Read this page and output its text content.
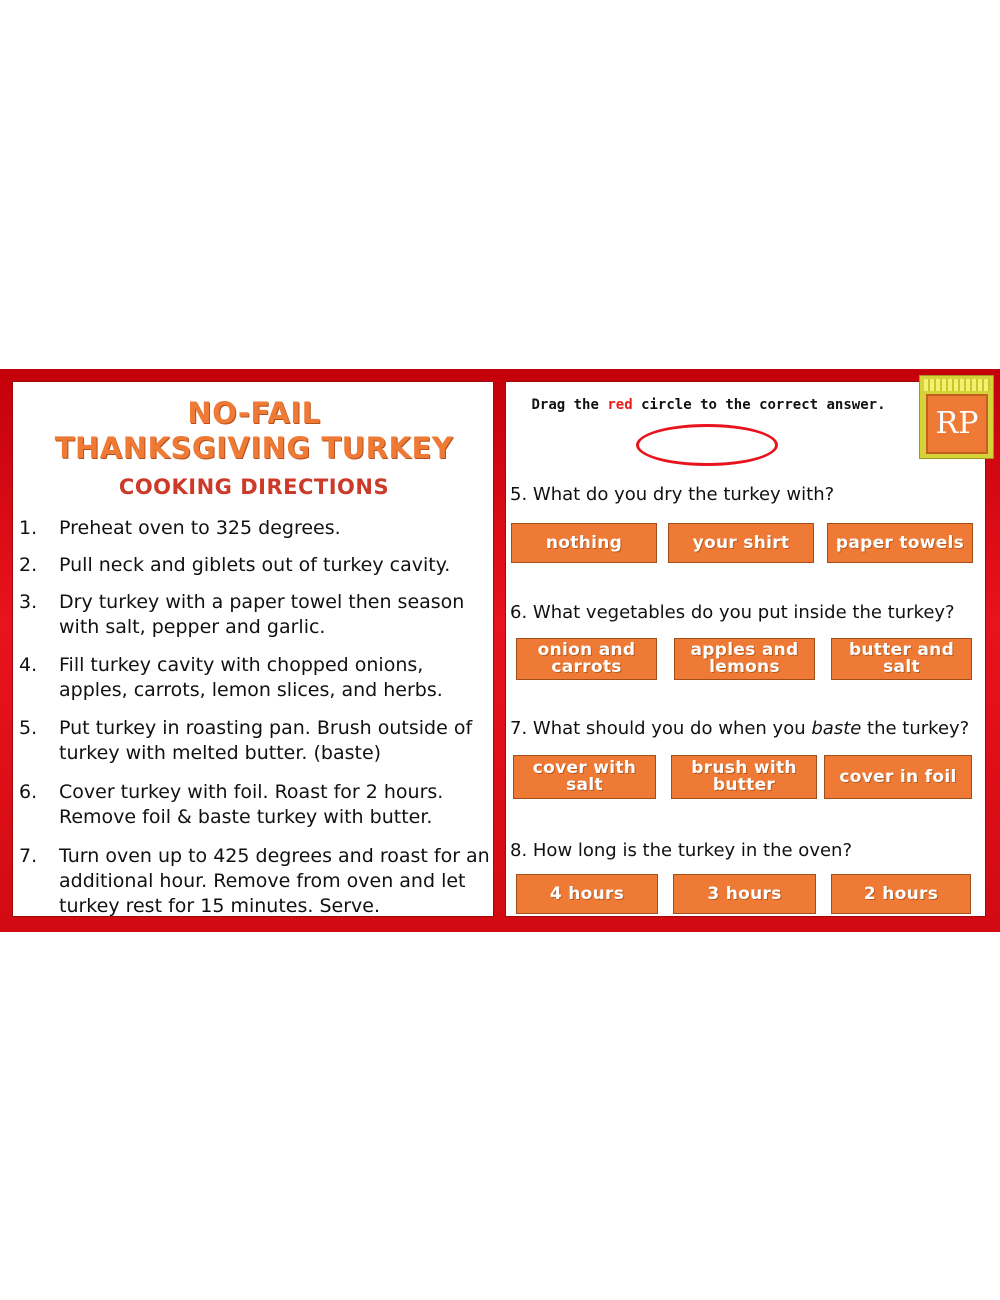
NO-FAIL
THANKSGIVING TURKEY
COOKING DIRECTIONS
1. Preheat oven to 325 degrees.
2. Pull neck and giblets out of turkey cavity.
3. Dry turkey with a paper towel then season with salt, pepper and garlic.
4. Fill turkey cavity with chopped onions, apples, carrots, lemon slices, and herbs.
5. Put turkey in roasting pan. Brush outside of turkey with melted butter. (baste)
6. Cover turkey with foil. Roast for 2 hours. Remove foil & baste turkey with butter.
7. Turn oven up to 425 degrees and roast for an additional hour. Remove from oven and let turkey rest for 15 minutes. Serve.
Drag the red circle to the correct answer.
RP
5. What do you dry the turkey with?
nothing	your shirt	paper towels
6. What vegetables do you put inside the turkey?
onion and carrots
apples and lemons
butter and salt
7. What should you do when you baste the turkey?
cover with salt
brush with butter	cover in foil
8. How long is the turkey in the oven?
4 hours	3 hours	2 hours
